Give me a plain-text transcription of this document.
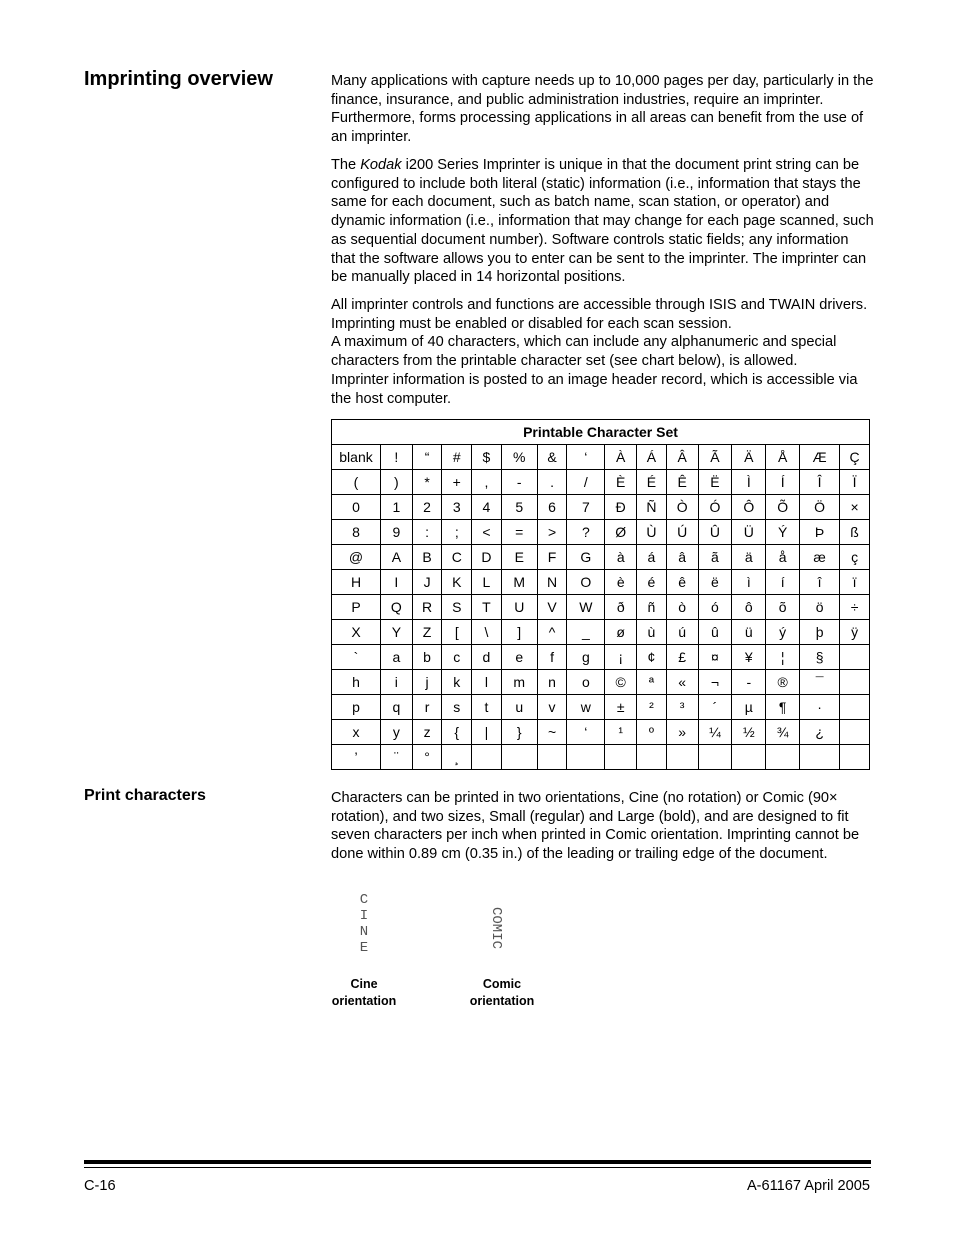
Imprinting overview	Many applications with capture needs up to 10,000 pages per day, particularly in the finance, insurance, and public administration industries, require an imprinter. Furthermore, forms processing applications in all areas can benefit from the use of an imprinter.
The Kodak i200 Series Imprinter is unique in that the document print string can be configured to include both literal (static) information (i.e., information that stays the same for each document, such as batch name, scan station, or operator) and dynamic information (i.e., information that may change for each page scanned, such as sequential document number). Software controls static fields; any information that the software allows you to enter can be sent to the imprinter. The imprinter can be manually placed in 14 horizontal positions.
All imprinter controls and functions are accessible through ISIS and TWAIN drivers. Imprinting must be enabled or disabled for each scan session.
A maximum of 40 characters, which can include any alphanumeric and special characters from the printable character set (see chart below), is allowed.
Imprinter information is posted to an image header record, which is accessible via the host computer.
Printable Character Set															
blank	!	“	#	$	%	&	‘	À	Á	Â	Ã	Ä	Å	Æ	Ç
(	)	*	+	,	-	.	/	È	É	Ê	Ë	Ì	Í	Î	Ï
0	1	2	3	4	5	6	7	Ð	Ñ	Ò	Ó	Ô	Õ	Ö	×
8	9	:	;	<	=	>	?	Ø	Ù	Ú	Û	Ü	Ý	Þ	ß
@	A	B	C	D	E	F	G	à	á	â	ã	ä	å	æ	ç
H	I	J	K	L	M	N	O	è	é	ê	ë	ì	í	î	ï
P	Q	R	S	T	U	V	W	ð	ñ	ò	ó	ô	õ	ö	÷
X	Y	Z	[	\	]	^	_	ø	ù	ú	û	ü	ý	þ	ÿ
`	a	b	c	d	e	f	g	¡	¢	£	¤	¥	¦	§	
h	i	j	k	l	m	n	o	©	ª	«	¬	-	®	¯	
p	q	r	s	t	u	v	w	±	²	³	´	µ	¶	·	
x	y	z	{	|	}	~	‘	¹	º	»	¼	½	¾	¿	
’	¨	°	¸												
Print characters	Characters can be printed in two orientations, Cine (no rotation) or Comic (90× rotation), and two sizes, Small (regular) and Large (bold), and are designed to fit seven characters per inch when printed in Comic orientation. Imprinting cannot be done within 0.89 cm (0.35 in.) of the leading or trailing edge of the document.
C
I
N
E	COMIC
Cine
orientation
Comic
orientation
C-16	A-61167 April 2005
